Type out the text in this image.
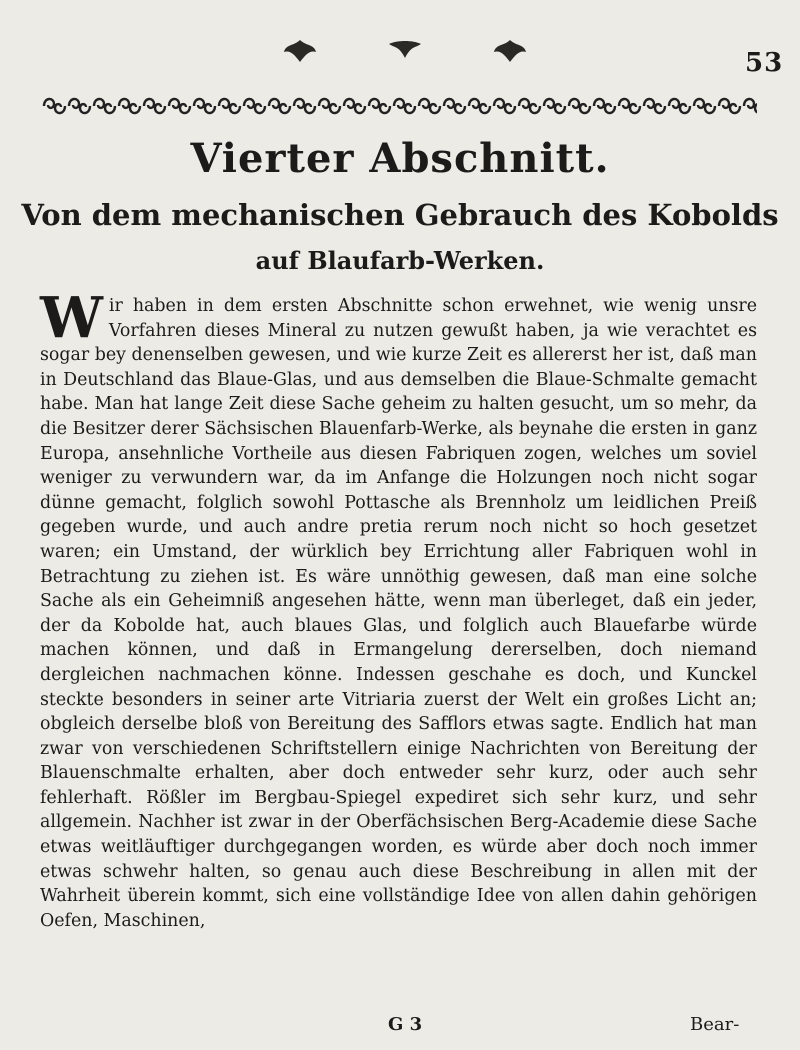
53
Vierter Abschnitt.
Von dem mechanischen Gebrauch des Kobolds
auf Blaufarb-Werken.
Wir haben in dem ersten Abschnitte schon erwehnet, wie wenig unsre Vorfahren dieses Mineral zu nutzen gewußt haben, ja wie verachtet es sogar bey denenselben gewesen, und wie kurze Zeit es allererst her ist, daß man in Deutschland das Blaue-Glas, und aus demselben die Blaue-Schmalte gemacht habe. Man hat lange Zeit diese Sache geheim zu halten gesucht, um so mehr, da die Besitzer derer Sächsischen Blauenfarb-Werke, als beynahe die ersten in ganz Europa, ansehnliche Vortheile aus diesen Fabriquen zogen, welches um soviel weniger zu verwundern war, da im Anfange die Holzungen noch nicht sogar dünne gemacht, folglich sowohl Pottasche als Brennholz um leidlichen Preiß gegeben wurde, und auch andre pretia rerum noch nicht so hoch gesetzet waren; ein Umstand, der würklich bey Errichtung aller Fabriquen wohl in Betrachtung zu ziehen ist. Es wäre unnöthig gewesen, daß man eine solche Sache als ein Geheimniß angesehen hätte, wenn man überleget, daß ein jeder, der da Kobolde hat, auch blaues Glas, und folglich auch Blauefarbe würde machen können, und daß in Ermangelung dererselben, doch niemand dergleichen nachmachen könne. Indessen geschahe es doch, und Kunckel steckte besonders in seiner arte Vitriaria zuerst der Welt ein großes Licht an; obgleich derselbe bloß von Bereitung des Safflors etwas sagte. Endlich hat man zwar von verschiedenen Schriftstellern einige Nachrichten von Bereitung der Blauenschmalte erhalten, aber doch entweder sehr kurz, oder auch sehr fehlerhaft. Rößler im Bergbau-Spiegel expediret sich sehr kurz, und sehr allgemein. Nachher ist zwar in der Oberfächsischen Berg-Academie diese Sache etwas weitläuftiger durchgegangen worden, es würde aber doch noch immer etwas schwehr halten, so genau auch diese Beschreibung in allen mit der Wahrheit überein kommt, sich eine vollständige Idee von allen dahin gehörigen Oefen, Maschinen,
G 3	Bear-
